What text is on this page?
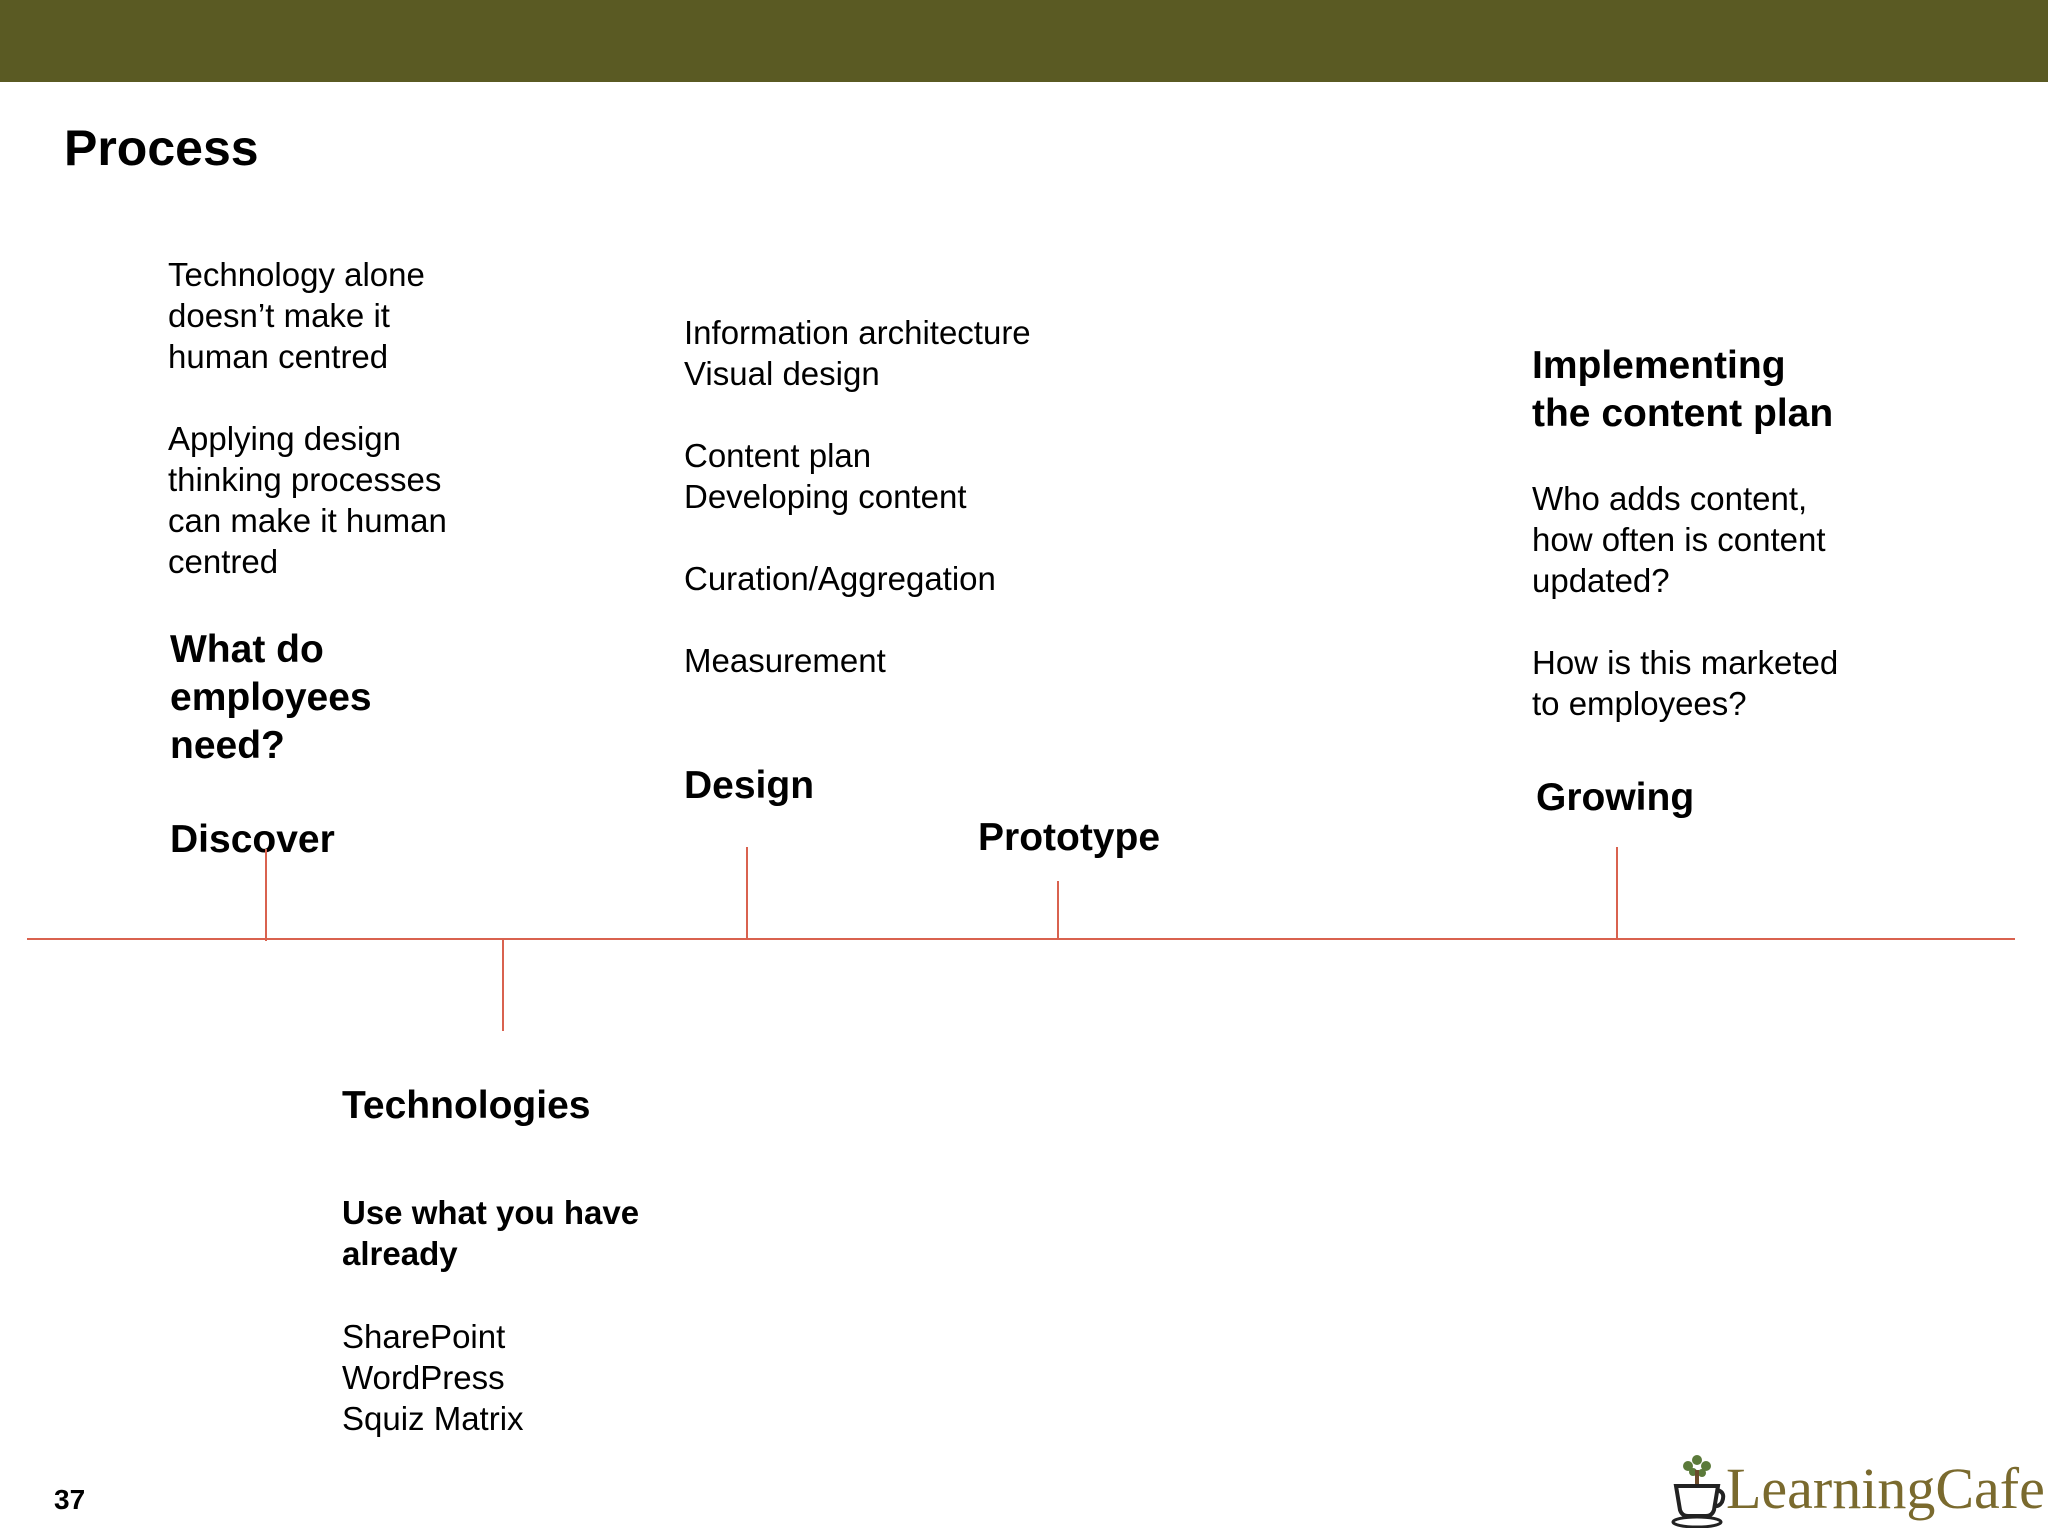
Process
Technology alone
doesn’t make it
human centred
Applying design
thinking processes
can make it human
centred
What do
employees
need?
Discover
Information architecture
Visual design
Content plan
Developing content
Curation/Aggregation
Measurement
Design
Prototype
Implementing
the content plan
Who adds content,
how often is content
updated?
How is this marketed
to employees?
Growing
Technologies
Use what you have
already
SharePoint
WordPress
Squiz Matrix
37	LearningCafe
